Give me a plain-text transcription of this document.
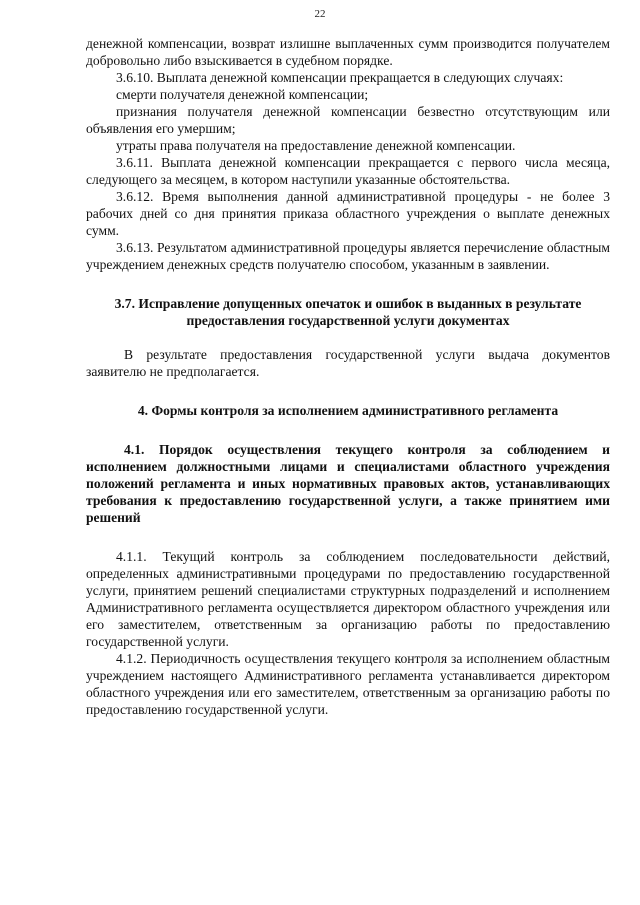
22

денежной компенсации, возврат излишне выплаченных сумм производится получателем добровольно либо взыскивается в судебном порядке.

3.6.10. Выплата денежной компенсации прекращается в следующих случаях:

смерти получателя денежной компенсации;

признания получателя денежной компенсации безвестно отсутствующим или объявления его умершим;

утраты права получателя на предоставление денежной компенсации.

3.6.11. Выплата денежной компенсации прекращается с первого числа месяца, следующего за месяцем, в котором наступили указанные обстоятельства.

3.6.12. Время выполнения данной административной процедуры - не более 3 рабочих дней со дня принятия приказа областного учреждения о выплате денежных сумм.

3.6.13. Результатом административной процедуры является перечисление областным учреждением денежных средств получателю способом, указанным в заявлении.

3.7. Исправление допущенных опечаток и ошибок в выданных в результате предоставления государственной услуги документах

В результате предоставления государственной услуги выдача документов заявителю не предполагается.

4. Формы контроля за исполнением административного регламента

4.1. Порядок осуществления текущего контроля за соблюдением и исполнением должностными лицами и специалистами областного учреждения положений регламента и иных нормативных правовых актов, устанавливающих требования к предоставлению государственной услуги, а также принятием ими решений

4.1.1. Текущий контроль за соблюдением последовательности действий, определенных административными процедурами по предоставлению государственной услуги, принятием решений специалистами структурных подразделений и исполнением Административного регламента осуществляется директором областного учреждения или его заместителем, ответственным за организацию работы по предоставлению государственной услуги.

4.1.2. Периодичность осуществления текущего контроля за исполнением областным учреждением настоящего Административного регламента устанавливается директором областного учреждения или его заместителем, ответственным за организацию работы по предоставлению государственной услуги.
